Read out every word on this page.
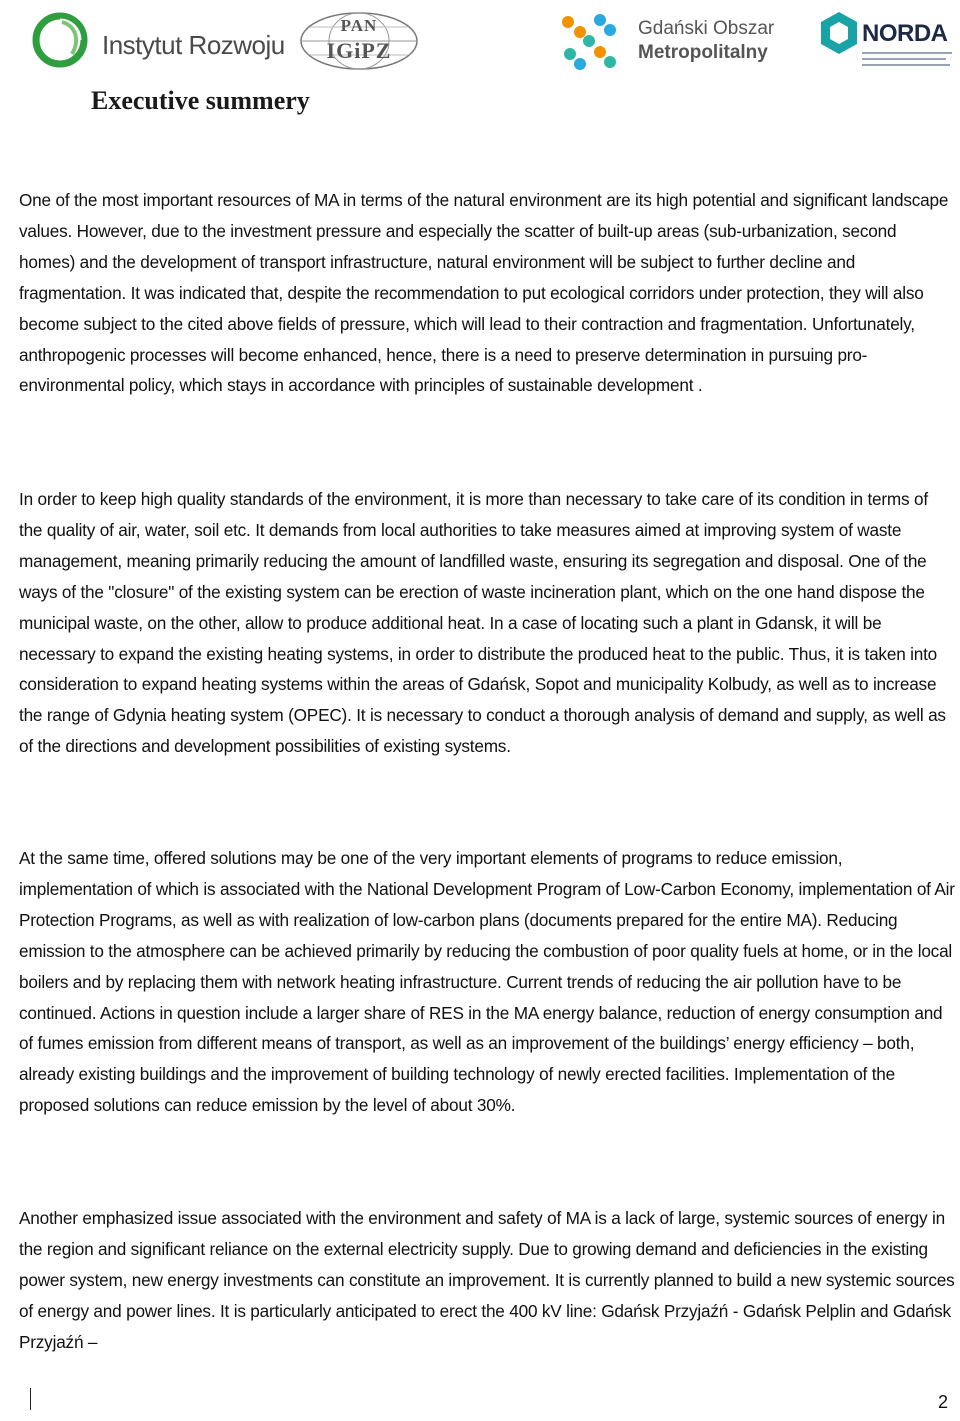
Instytut Rozwoju
PAN
IGiPZ
Gdański Obszar
Metropolitalny
NORDA
Executive summery

One of the most important resources of MA in terms of the natural environment are its high potential and significant landscape values. However, due to the investment pressure and especially the scatter of built-up areas (sub-urbanization, second homes) and the development of transport infrastructure, natural environment will be subject to further decline and fragmentation. It was indicated that, despite the recommendation to put ecological corridors under protection, they will also become subject to the cited above fields of pressure, which will lead to their contraction and fragmentation. Unfortunately, anthropogenic processes will become enhanced, hence, there is a need to preserve determination in pursuing pro-environmental policy, which stays in accordance with principles of sustainable development .

In order to keep high quality standards of the environment, it is more than necessary to take care of its condition in terms of the quality of air, water, soil etc. It demands from local authorities to take measures aimed at improving system of waste management, meaning primarily reducing the amount of landfilled waste, ensuring its segregation and disposal. One of the ways of the "closure" of the existing system can be erection of waste incineration plant, which on the one hand dispose the municipal waste, on the other, allow to produce additional heat. In a case of locating such a plant in Gdansk, it will be necessary to expand the existing heating systems, in order to distribute the produced heat to the public. Thus, it is taken into consideration to expand heating systems within the areas of Gdańsk, Sopot and municipality Kolbudy, as well as to increase the range of Gdynia heating system (OPEC). It is necessary to conduct a thorough analysis of demand and supply, as well as of the directions and development possibilities of existing systems.

At the same time, offered solutions may be one of the very important elements of programs to reduce emission, implementation of which is associated with the National Development Program of Low-Carbon Economy, implementation of Air Protection Programs, as well as with realization of low-carbon plans (documents prepared for the entire MA). Reducing emission to the atmosphere can be achieved primarily by reducing the combustion of poor quality fuels at home, or in the local boilers and by replacing them with network heating infrastructure. Current trends of reducing the air pollution have to be continued. Actions in question include a larger share of RES in the MA energy balance, reduction of energy consumption and of fumes emission from different means of transport, as well as an improvement of the buildings’ energy efficiency – both, already existing buildings and the improvement of building technology of newly erected facilities. Implementation of the proposed solutions can reduce emission by the level of about 30%.

Another emphasized issue associated with the environment and safety of MA is a lack of large, systemic sources of energy in the region and significant reliance on the external electricity supply. Due to growing demand and deficiencies in the existing power system, new energy investments can constitute an improvement. It is currently planned to build a new systemic sources of energy and power lines. It is particularly anticipated to erect the 400 kV line: Gdańsk Przyjaźń - Gdańsk Pelplin and Gdańsk Przyjaźń –

2
